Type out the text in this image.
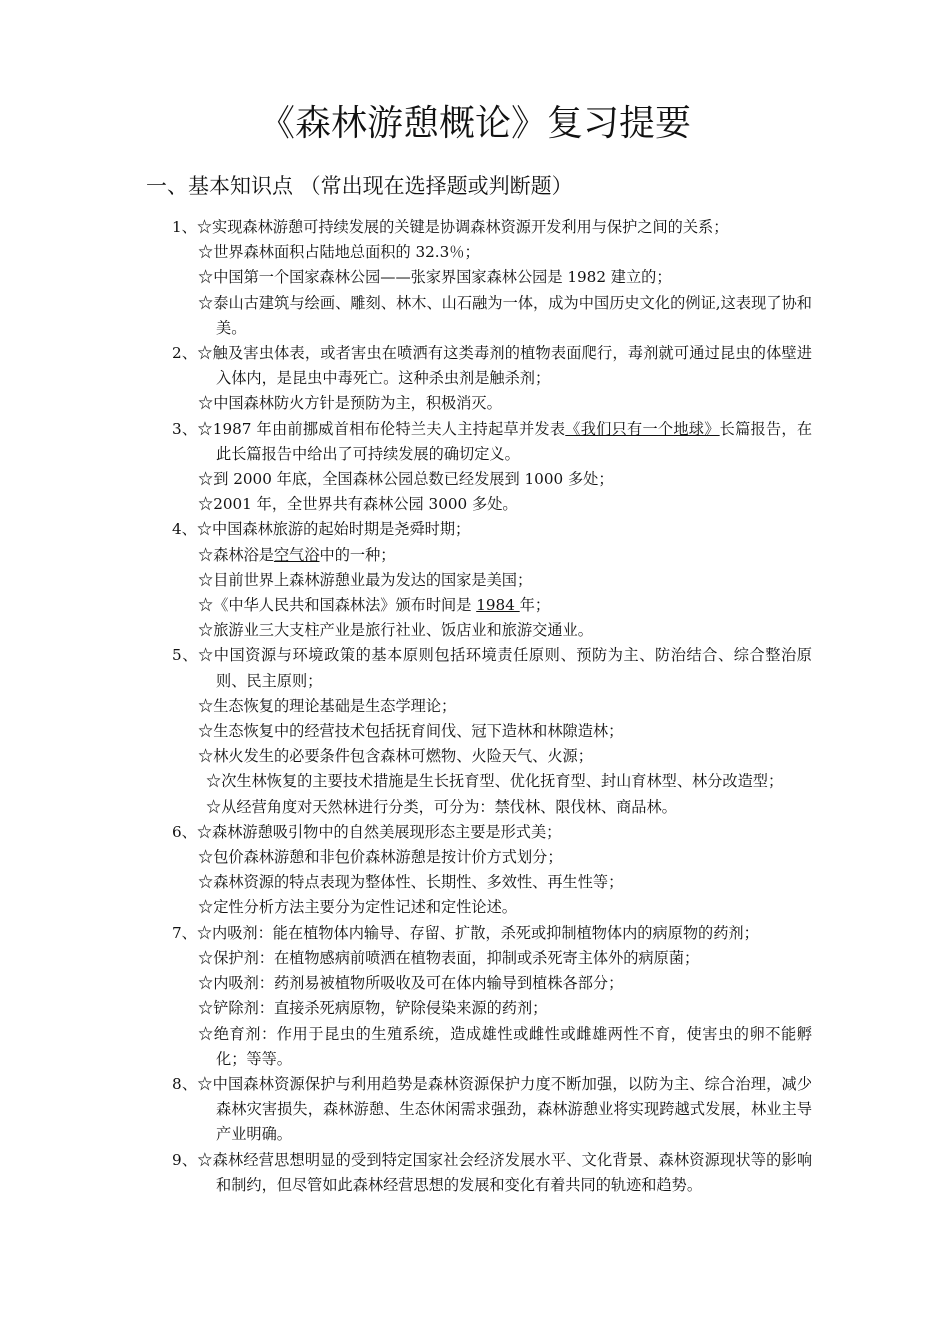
《森林游憩概论》复习提要
一、基本知识点 （常出现在选择题或判断题）
1、☆实现森林游憩可持续发展的关键是协调森林资源开发利用与保护之间的关系；
☆世界森林面积占陆地总面积的 32.3％；
☆中国第一个国家森林公园——张家界国家森林公园是 1982 建立的；
☆泰山古建筑与绘画、雕刻、林木、山石融为一体，成为中国历史文化的例证,这表现了协和美。
2、☆触及害虫体表，或者害虫在喷洒有这类毒剂的植物表面爬行，毒剂就可通过昆虫的体壁进入体内，是昆虫中毒死亡。这种杀虫剂是触杀剂；
☆中国森林防火方针是预防为主，积极消灭。
3、☆1987 年由前挪威首相布伦特兰夫人主持起草并发表《我们只有一个地球》长篇报告，在此长篇报告中给出了可持续发展的确切定义。
☆到 2000 年底，全国森林公园总数已经发展到 1000 多处；
☆2001 年，全世界共有森林公园 3000 多处。
4、☆中国森林旅游的起始时期是尧舜时期；
☆森林浴是空气浴中的一种；
☆目前世界上森林游憩业最为发达的国家是美国；
☆《中华人民共和国森林法》颁布时间是 1984 年；
☆旅游业三大支柱产业是旅行社业、饭店业和旅游交通业。
5、☆中国资源与环境政策的基本原则包括环境责任原则、预防为主、防治结合、综合整治原则、民主原则；
☆生态恢复的理论基础是生态学理论；
☆生态恢复中的经营技术包括抚育间伐、冠下造林和林隙造林；
☆林火发生的必要条件包含森林可燃物、火险天气、火源；
☆次生林恢复的主要技术措施是生长抚育型、优化抚育型、封山育林型、林分改造型；
☆从经营角度对天然林进行分类，可分为：禁伐林、限伐林、商品林。
6、☆森林游憩吸引物中的自然美展现形态主要是形式美；
☆包价森林游憩和非包价森林游憩是按计价方式划分；
☆森林资源的特点表现为整体性、长期性、多效性、再生性等；
☆定性分析方法主要分为定性记述和定性论述。
7、☆内吸剂：能在植物体内输导、存留、扩散，杀死或抑制植物体内的病原物的药剂；
☆保护剂：在植物感病前喷洒在植物表面，抑制或杀死寄主体外的病原菌；
☆内吸剂：药剂易被植物所吸收及可在体内输导到植株各部分；
☆铲除剂：直接杀死病原物，铲除侵染来源的药剂；
☆绝育剂：作用于昆虫的生殖系统，造成雄性或雌性或雌雄两性不育，使害虫的卵不能孵化；等等。
8、☆中国森林资源保护与利用趋势是森林资源保护力度不断加强，以防为主、综合治理，减少森林灾害损失，森林游憩、生态休闲需求强劲，森林游憩业将实现跨越式发展，林业主导产业明确。
9、☆森林经营思想明显的受到特定国家社会经济发展水平、文化背景、森林资源现状等的影响和制约，但尽管如此森林经营思想的发展和变化有着共同的轨迹和趋势。
